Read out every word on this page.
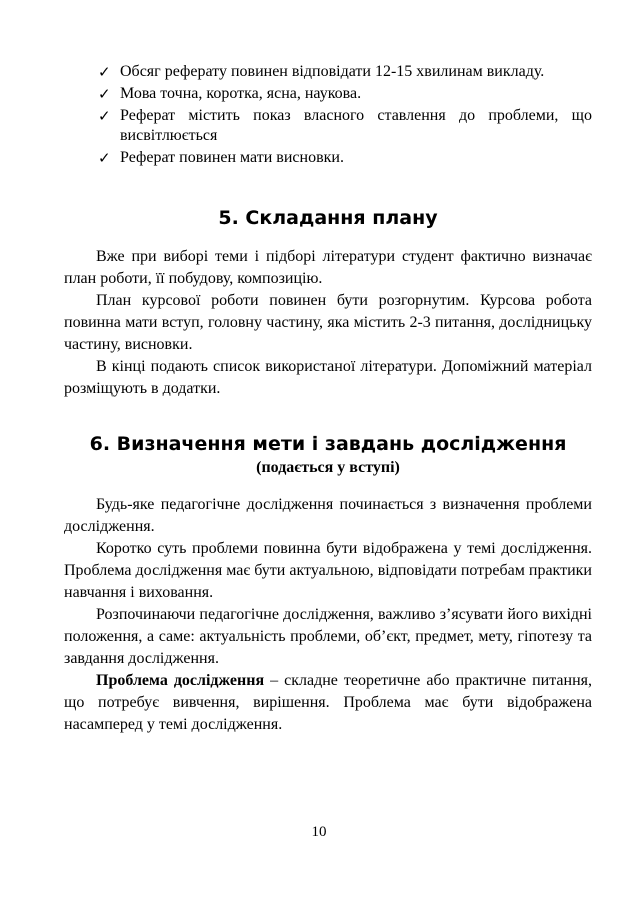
✓ Обсяг реферату повинен відповідати 12-15 хвилинам викладу.
✓ Мова точна, коротка, ясна, наукова.
✓ Реферат містить показ власного ставлення до проблеми, що висвітлюється
✓ Реферат повинен мати висновки.
5. Складання плану

Вже при виборі теми і підборі літератури студент фактично визначає план роботи, її побудову, композицію.

План курсової роботи повинен бути розгорнутим. Курсова робота повинна мати вступ, головну частину, яка містить 2-3 питання, дослідницьку частину, висновки.

В кінці подають список використаної літератури. Допоміжний матеріал розміщують в додатки.

6. Визначення мети і завдань дослідження
(подається у вступі)

Будь-яке педагогічне дослідження починається з визначення проблеми дослідження.

Коротко суть проблеми повинна бути відображена у темі дослідження. Проблема дослідження має бути актуальною, відповідати потребам практики навчання і виховання.

Розпочинаючи педагогічне дослідження, важливо з’ясувати його вихідні положення, а саме: актуальність проблеми, об’єкт, предмет, мету, гіпотезу та завдання дослідження.

Проблема дослідження – складне теоретичне або практичне питання, що потребує вивчення, вирішення. Проблема має бути відображена насамперед у темі дослідження.

10
